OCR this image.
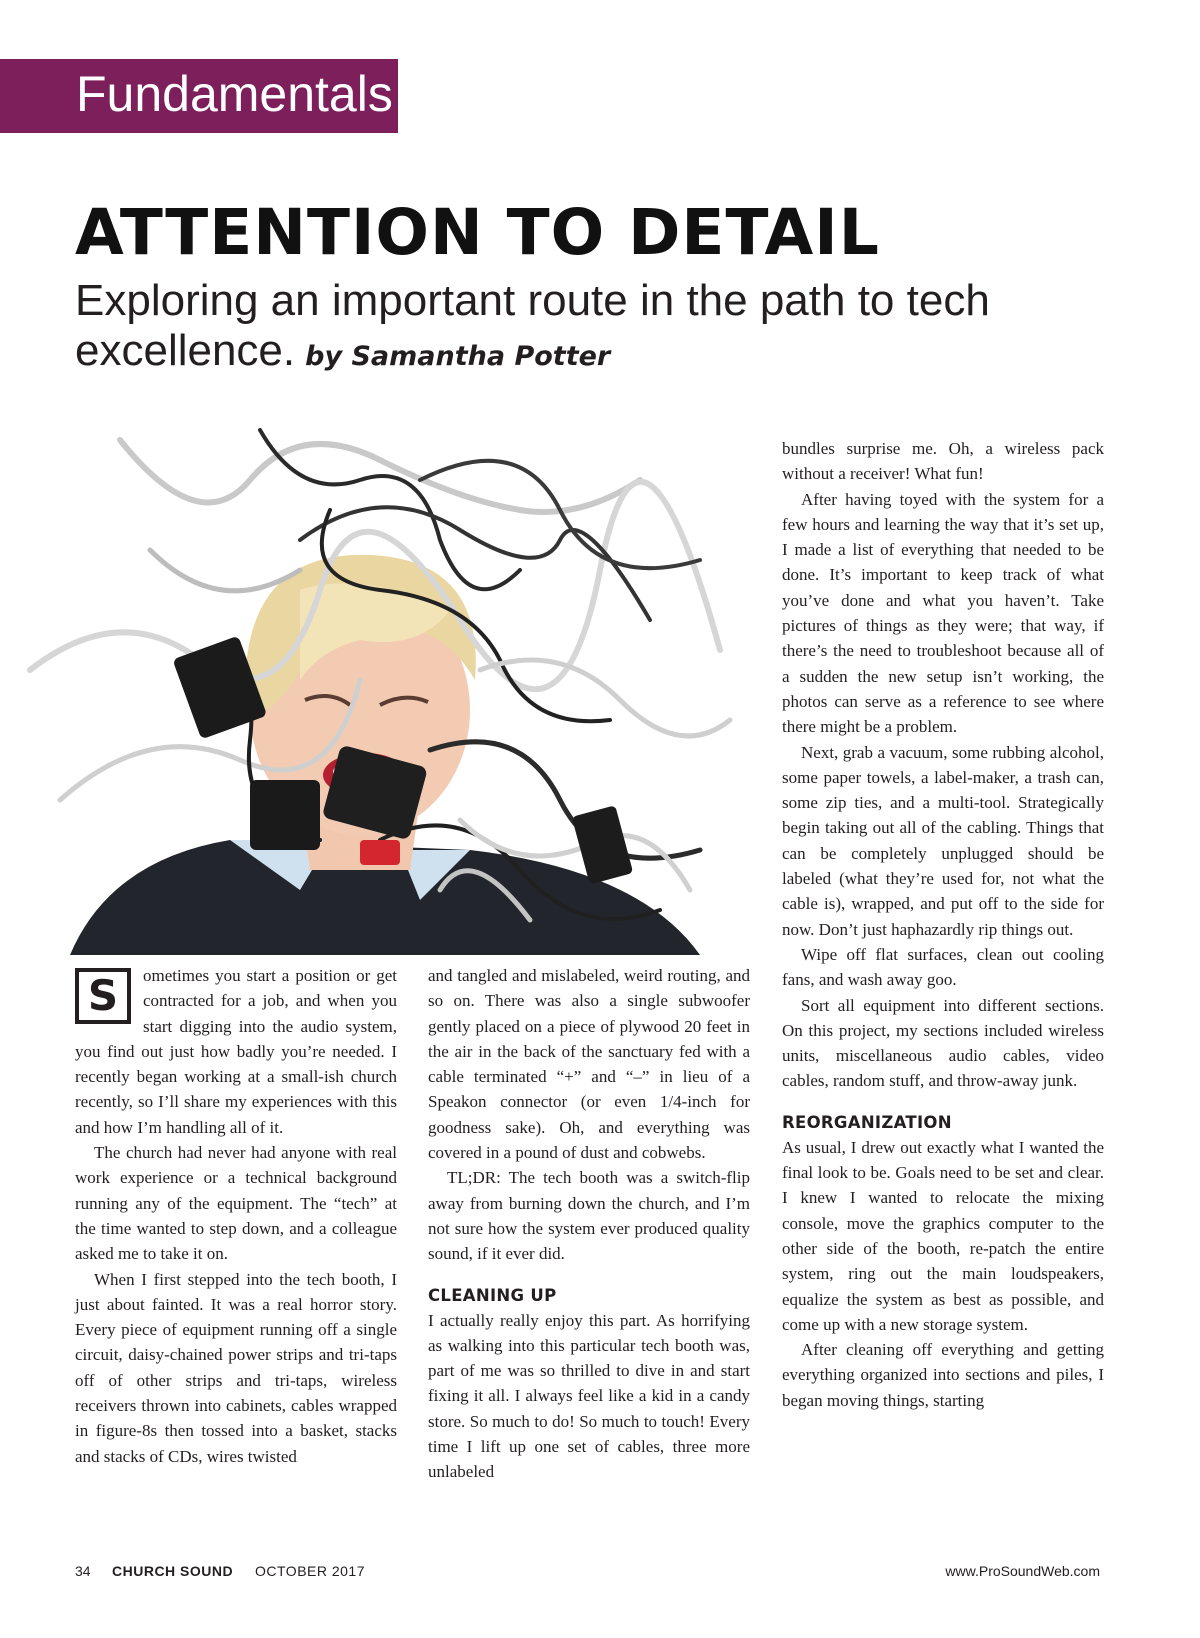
Fundamentals
ATTENTION TO DETAIL
Exploring an important route in the path to tech excellence. by Samantha Potter

S	ometimes you start a position or get contracted for a job, and when you start digging into the audio system, you find out just how badly you’re needed. I recently began working at a small-ish church recently, so I’ll share my experiences with this and how I’m handling all of it.

The church had never had anyone with real work experience or a technical background running any of the equipment. The “tech” at the time wanted to step down, and a colleague asked me to take it on.

When I first stepped into the tech booth, I just about fainted. It was a real horror story. Every piece of equipment running off a single circuit, daisy-chained power strips and tri-taps off of other strips and tri-taps, wireless receivers thrown into cabinets, cables wrapped in figure-8s then tossed into a basket, stacks and stacks of CDs, wires twisted

and tangled and mislabeled, weird routing, and so on. There was also a single subwoofer gently placed on a piece of plywood 20 feet in the air in the back of the sanctuary fed with a cable terminated “+” and “–” in lieu of a Speakon connector (or even 1/4-inch for goodness sake). Oh, and everything was covered in a pound of dust and cobwebs.

TL;DR: The tech booth was a switch-flip away from burning down the church, and I’m not sure how the system ever produced quality sound, if it ever did.

CLEANING UP

I actually really enjoy this part. As horrifying as walking into this particular tech booth was, part of me was so thrilled to dive in and start fixing it all. I always feel like a kid in a candy store. So much to do! So much to touch! Every time I lift up one set of cables, three more unlabeled

bundles surprise me. Oh, a wireless pack without a receiver! What fun!

After having toyed with the system for a few hours and learning the way that it’s set up, I made a list of everything that needed to be done. It’s important to keep track of what you’ve done and what you haven’t. Take pictures of things as they were; that way, if there’s the need to troubleshoot because all of a sudden the new setup isn’t working, the photos can serve as a reference to see where there might be a problem.

Next, grab a vacuum, some rubbing alcohol, some paper towels, a label-maker, a trash can, some zip ties, and a multi-tool. Strategically begin taking out all of the cabling. Things that can be completely unplugged should be labeled (what they’re used for, not what the cable is), wrapped, and put off to the side for now. Don’t just haphazardly rip things out.

Wipe off flat surfaces, clean out cooling fans, and wash away goo.

Sort all equipment into different sections. On this project, my sections included wireless units, miscellaneous audio cables, video cables, random stuff, and throw-away junk.

REORGANIZATION

As usual, I drew out exactly what I wanted the final look to be. Goals need to be set and clear. I knew I wanted to relocate the mixing console, move the graphics computer to the other side of the booth, re-patch the entire system, ring out the main loudspeakers, equalize the system as best as possible, and come up with a new storage system.

After cleaning off everything and getting everything organized into sections and piles, I began moving things, starting

34 CHURCH SOUND OCTOBER 2017	www.ProSoundWeb.com
